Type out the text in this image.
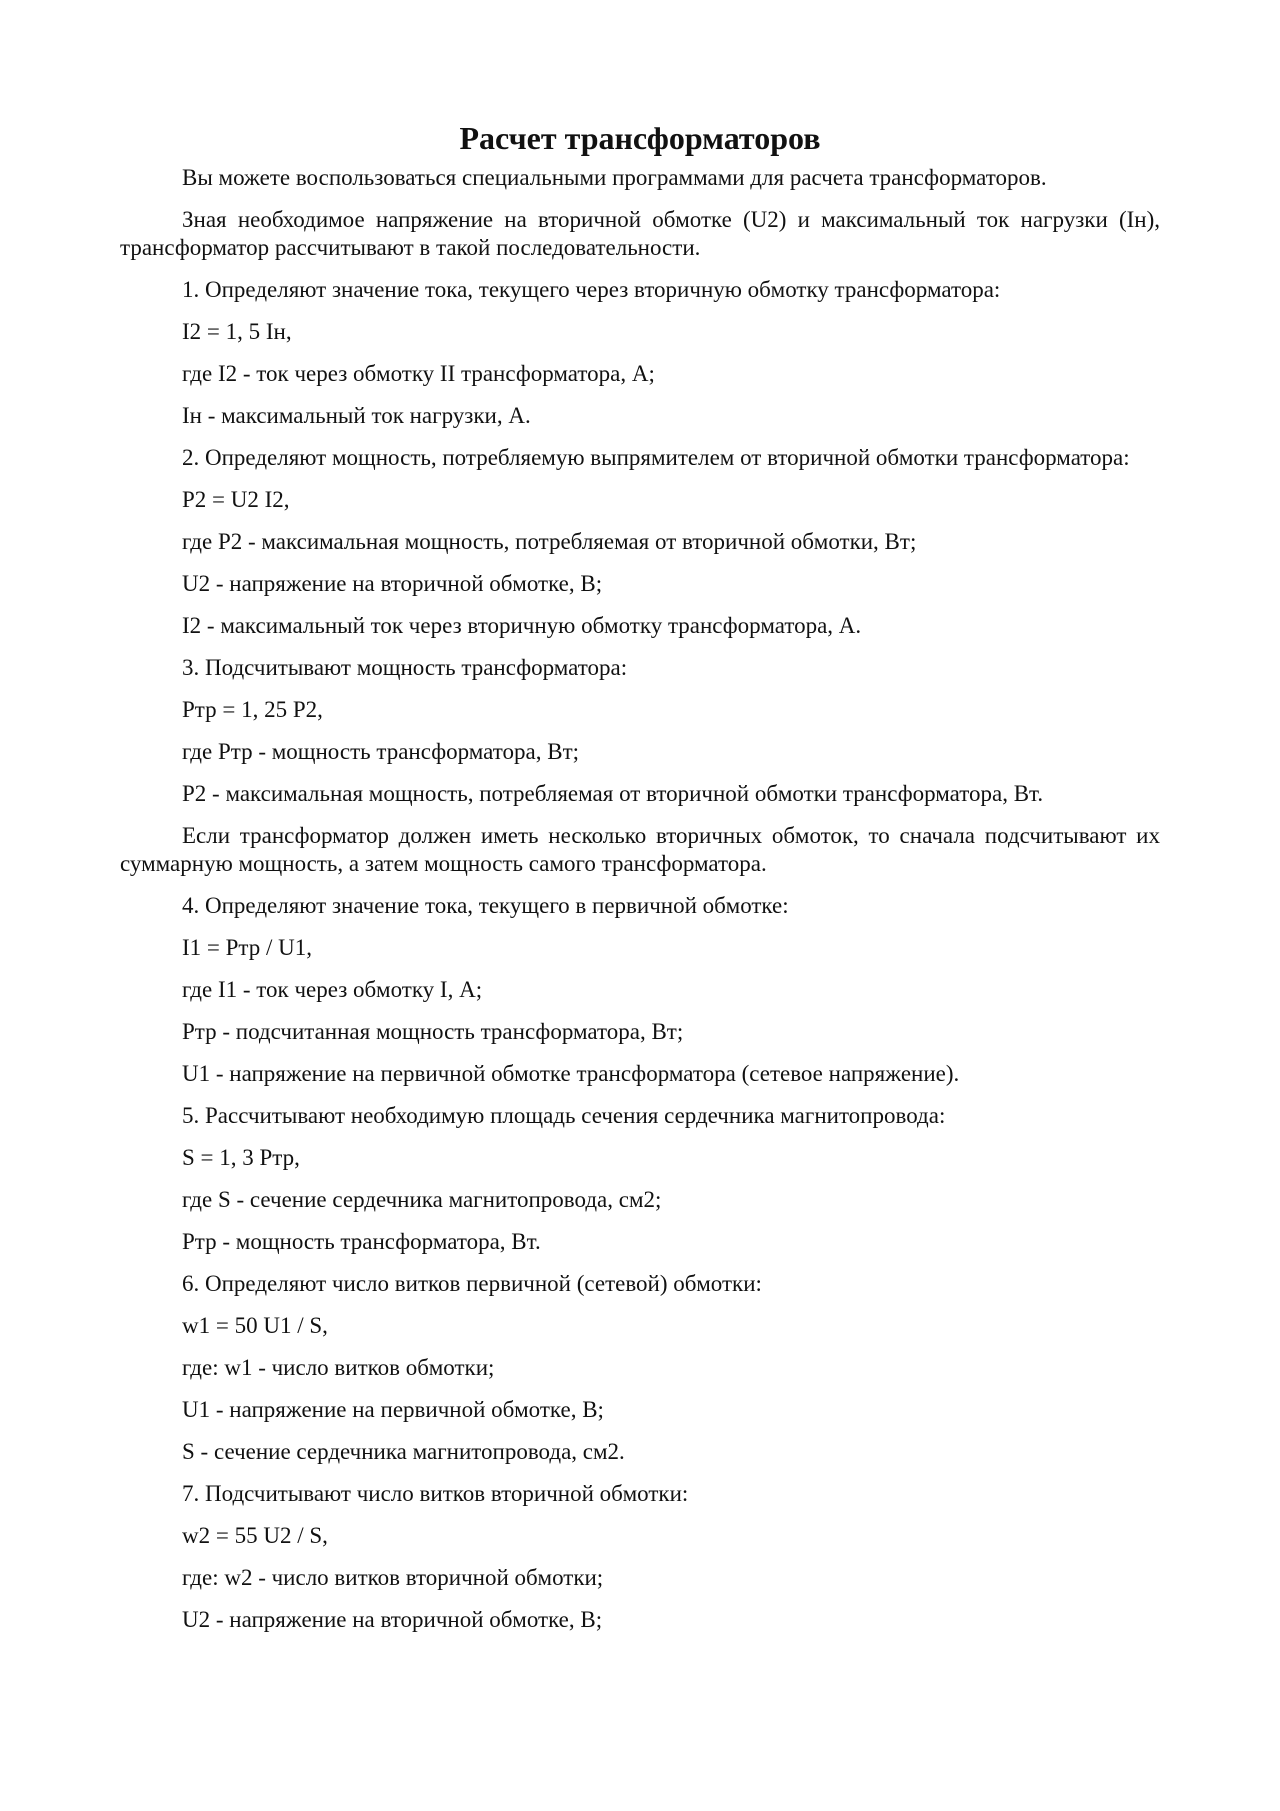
Расчет трансформаторов
Вы можете воспользоваться специальными программами для расчета трансформаторов.
Зная необходимое напряжение на вторичной обмотке (U2) и максимальный ток нагрузки (Iн), трансформатор рассчитывают в такой последовательности.
1. Определяют значение тока, текущего через вторичную обмотку трансформатора:
I2 = 1, 5 Iн,
где I2 - ток через обмотку II трансформатора, А;
Iн - максимальный ток нагрузки, А.
2. Определяют мощность, потребляемую выпрямителем от вторичной обмотки трансформатора:
P2 = U2 I2,
где P2 - максимальная мощность, потребляемая от вторичной обмотки, Вт;
U2 - напряжение на вторичной обмотке, В;
I2 - максимальный ток через вторичную обмотку трансформатора, А.
3. Подсчитывают мощность трансформатора:
Pтр = 1, 25 P2,
где Pтр - мощность трансформатора, Вт;
P2 - максимальная мощность, потребляемая от вторичной обмотки трансформатора, Вт.
Если трансформатор должен иметь несколько вторичных обмоток, то сначала подсчитывают их суммарную мощность, а затем мощность самого трансформатора.
4. Определяют значение тока, текущего в первичной обмотке:
I1 = Pтр / U1,
где I1 - ток через обмотку I, А;
Pтр - подсчитанная мощность трансформатора, Вт;
U1 - напряжение на первичной обмотке трансформатора (сетевое напряжение).
5. Рассчитывают необходимую площадь сечения сердечника магнитопровода:
S = 1, 3 Pтр,
где S - сечение сердечника магнитопровода, см2;
Pтр - мощность трансформатора, Вт.
6. Определяют число витков первичной (сетевой) обмотки:
w1 = 50 U1 / S,
где: w1 - число витков обмотки;
U1 - напряжение на первичной обмотке, В;
S - сечение сердечника магнитопровода, см2.
7. Подсчитывают число витков вторичной обмотки:
w2 = 55 U2 / S,
где: w2 - число витков вторичной обмотки;
U2 - напряжение на вторичной обмотке, В;
